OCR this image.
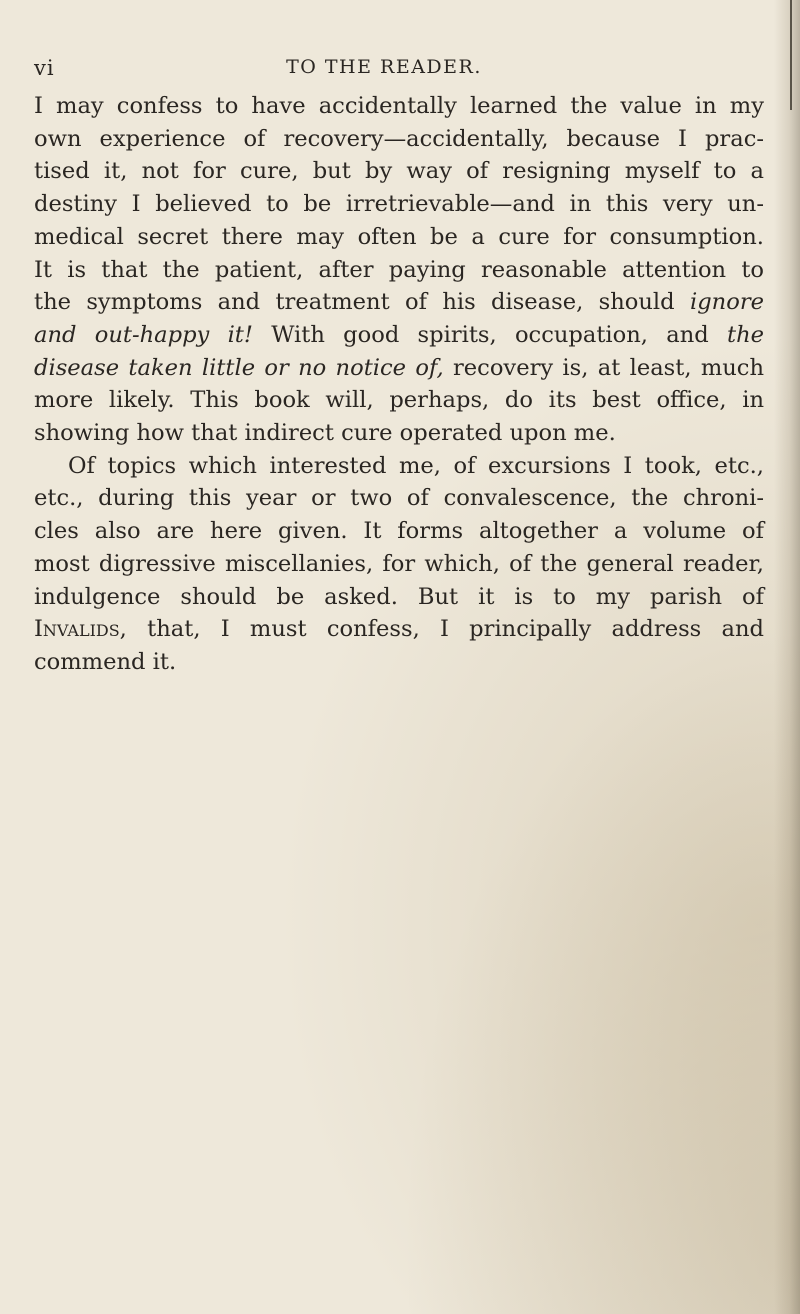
vi	TO THE READER.
I may confess to have accidentally learned the value in my
own experience of recovery—accidentally, because I prac-
tised it, not for cure, but by way of resigning myself to a
destiny I believed to be irretrievable—and in this very un-
medical secret there may often be a cure for consumption.
It is that the patient, after paying reasonable attention to
the symptoms and treatment of his disease, should ignore
and out-happy it! With good spirits, occupation, and the
disease taken little or no notice of, recovery is, at least, much
more likely. This book will, perhaps, do its best office, in
showing how that indirect cure operated upon me.
Of topics which interested me, of excursions I took, etc.,
etc., during this year or two of convalescence, the chroni-
cles also are here given. It forms altogether a volume of
most digressive miscellanies, for which, of the general reader,
indulgence should be asked. But it is to my parish of
Invalids, that, I must confess, I principally address and
commend it.
